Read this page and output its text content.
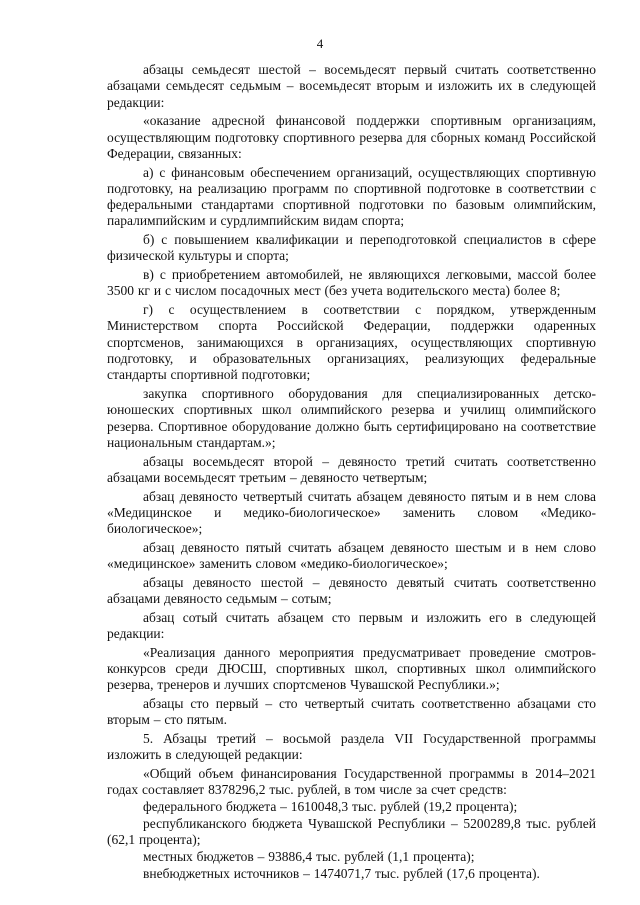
4

абзацы семьдесят шестой – восемьдесят первый считать соответственно абзацами семьдесят седьмым – восемьдесят вторым и изложить их в следующей редакции:

«оказание адресной финансовой поддержки спортивным организациям, осуществляющим подготовку спортивного резерва для сборных команд Российской Федерации, связанных:

а) с финансовым обеспечением организаций, осуществляющих спортивную подготовку, на реализацию программ по спортивной подготовке в соответствии с федеральными стандартами спортивной подготовки по базовым олимпийским, паралимпийским и сурдлимпийским видам спорта;

б) с повышением квалификации и переподготовкой специалистов в сфере физической культуры и спорта;

в) с приобретением автомобилей, не являющихся легковыми, массой более 3500 кг и с числом посадочных мест (без учета водительского места) более 8;

г) с осуществлением в соответствии с порядком, утвержденным Министерством спорта Российской Федерации, поддержки одаренных спортсменов, занимающихся в организациях, осуществляющих спортивную подготовку, и образовательных организациях, реализующих федеральные стандарты спортивной подготовки;

закупка спортивного оборудования для специализированных детско-юношеских спортивных школ олимпийского резерва и училищ олимпийского резерва. Спортивное оборудование должно быть сертифицировано на соответствие национальным стандартам.»;

абзацы восемьдесят второй – девяносто третий считать соответственно абзацами восемьдесят третьим – девяносто четвертым;

абзац девяносто четвертый считать абзацем девяносто пятым и в нем слова «Медицинское и медико-биологическое» заменить словом «Медико-биологическое»;

абзац девяносто пятый считать абзацем девяносто шестым и в нем слово «медицинское» заменить словом «медико-биологическое»;

абзацы девяносто шестой – девяносто девятый считать соответственно абзацами девяносто седьмым – сотым;

абзац сотый считать абзацем сто первым и изложить его в следующей редакции:

«Реализация данного мероприятия предусматривает проведение смотров-конкурсов среди ДЮСШ, спортивных школ, спортивных школ олимпийского резерва, тренеров и лучших спортсменов Чувашской Республики.»;

абзацы сто первый – сто четвертый считать соответственно абзацами сто вторым – сто пятым.

5. Абзацы третий – восьмой раздела VII Государственной программы изложить в следующей редакции:

«Общий объем финансирования Государственной программы в 2014–2021 годах составляет 8378296,2 тыс. рублей, в том числе за счет средств:

федерального бюджета – 1610048,3 тыс. рублей (19,2 процента);

республиканского бюджета Чувашской Республики – 5200289,8 тыс. рублей (62,1 процента);

местных бюджетов – 93886,4 тыс. рублей (1,1 процента);

внебюджетных источников – 1474071,7 тыс. рублей (17,6 процента).
